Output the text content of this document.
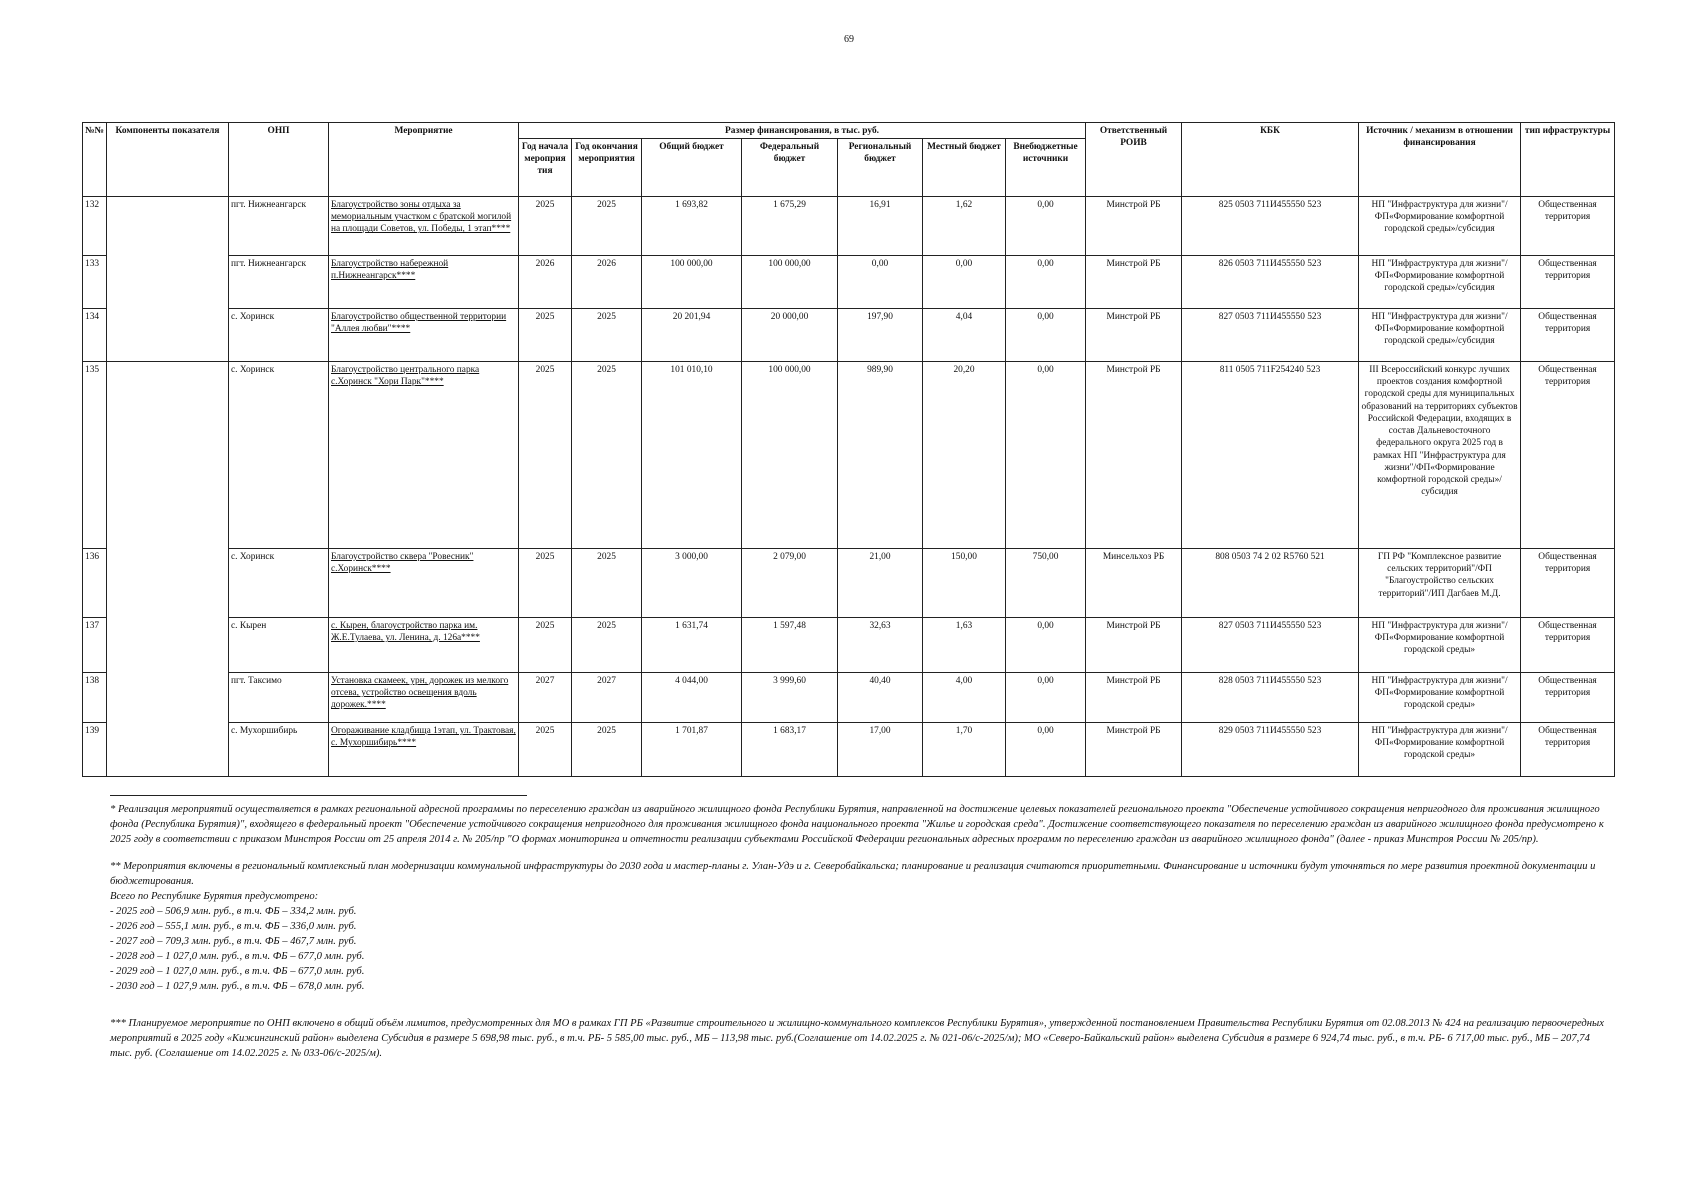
69
№№	Компоненты показателя	ОНП	Мероприятие	Размер финансирования, в тыс. руб.							Ответственный РОИВ	КБК	Источник / механизм в отношении финансирования	тип ифраструктуры
				Год начала мероприя тия	Год окончания мероприятия	Общий бюджет	Федеральный бюджет	Региональный бюджет	Местный бюджет	Внебюджетные источники				
132		пгт. Нижнеангарск	Благоустройство зоны отдыха за мемориальным участком с братской могилой на площади Советов, ул. Победы, 1 этап****	2025	2025	1 693,82	1 675,29	16,91	1,62	0,00	Минстрой РБ	825 0503 711И455550 523	НП "Инфраструктура для жизни"/ФП«Формирование комфортной городской среды»/субсидия	Общественная территория
133		пгт. Нижнеангарск	Благоустройство набережной п.Нижнеангарск****	2026	2026	100 000,00	100 000,00	0,00	0,00	0,00	Минстрой РБ	826 0503 711И455550 523	НП "Инфраструктура для жизни"/ФП«Формирование комфортной городской среды»/субсидия	Общественная территория
134		с. Хоринск	Благоустройство общественной территории "Аллея любви"****	2025	2025	20 201,94	20 000,00	197,90	4,04	0,00	Минстрой РБ	827 0503 711И455550 523	НП "Инфраструктура для жизни"/ФП«Формирование комфортной городской среды»/субсидия	Общественная территория
135		с. Хоринск	Благоустройство центрального парка с.Хоринск "Хори Парк"****	2025	2025	101 010,10	100 000,00	989,90	20,20	0,00	Минстрой РБ	811 0505 711F254240 523	III Всероссийский конкурс лучших проектов создания комфортной городской среды для муниципальных образований на территориях субъектов Российской Федерации, входящих в состав Дальневосточного федерального округа 2025 год в рамках НП "Инфраструктура для жизни"/ФП«Формирование комфортной городской среды»/субсидия	Общественная территория
136		с. Хоринск	Благоустройство сквера "Ровесник" с.Хоринск****	2025	2025	3 000,00	2 079,00	21,00	150,00	750,00	Минсельхоз РБ	808 0503 74 2 02 R5760 521	ГП РФ "Комплексное развитие сельских территорий"/ФП "Благоустройство сельских территорий"/ИП Дагбаев М.Д.	Общественная территория
137		с. Кырен	с. Кырен, благоустройство парка им. Ж.Е.Тулаева, ул. Ленина, д. 126а****	2025	2025	1 631,74	1 597,48	32,63	1,63	0,00	Минстрой РБ	827 0503 711И455550 523	НП "Инфраструктура для жизни"/ФП«Формирование комфортной городской среды»	Общественная территория
138		пгт. Таксимо	Установка скамеек, урн, дорожек из мелкого отсева, устройство освещения вдоль дорожек.****	2027	2027	4 044,00	3 999,60	40,40	4,00	0,00	Минстрой РБ	828 0503 711И455550 523	НП "Инфраструктура для жизни"/ФП«Формирование комфортной городской среды»	Общественная территория
139		с. Мухоршибирь	Огораживание кладбища 1этап, ул. Трактовая, с. Мухоршибирь****	2025	2025	1 701,87	1 683,17	17,00	1,70	0,00	Минстрой РБ	829 0503 711И455550 523	НП "Инфраструктура для жизни"/ФП«Формирование комфортной городской среды»	Общественная территория

* Реализация мероприятий осуществляется в рамках региональной адресной программы по переселению граждан из аварийного жилищного фонда Республики Бурятия, направленной на достижение целевых показателей регионального проекта "Обеспечение устойчивого сокращения непригодного для проживания жилищного фонда (Республика Бурятия)", входящего в федеральный проект "Обеспечение устойчивого сокращения непригодного для проживания жилищного фонда национального проекта "Жилье и городская среда". Достижение соответствующего показателя по переселению граждан из аварийного жилищного фонда предусмотрено к 2025 году в соответствии с приказом Минстроя России от 25 апреля 2014 г. № 205/пр "О формах мониторинга и отчетности реализации субъектами Российской Федерации региональных адресных программ по переселению граждан из аварийного жилищного фонда" (далее - приказ Минстроя России № 205/пр).

** Мероприятия включены в региональный комплексный план модернизации коммунальной инфраструктуры до 2030 года и мастер-планы г. Улан-Удэ и г. Северобайкальска; планирование и реализация считаются приоритетными. Финансирование и источники будут уточняться по мере развития проектной документации и бюджетирования.

Всего по Республике Бурятия предусмотрено:

- 2025 год – 506,9 млн. руб., в т.ч. ФБ – 334,2 млн. руб.

- 2026 год – 555,1 млн. руб., в т.ч. ФБ – 336,0 млн. руб.

- 2027 год – 709,3 млн. руб., в т.ч. ФБ – 467,7 млн. руб.

- 2028 год – 1 027,0 млн. руб., в т.ч. ФБ – 677,0 млн. руб.

- 2029 год – 1 027,0 млн. руб., в т.ч. ФБ – 677,0 млн. руб.

- 2030 год – 1 027,9 млн. руб., в т.ч. ФБ – 678,0 млн. руб.

*** Планируемое мероприятие по ОНП включено в общий объём лимитов, предусмотренных для МО в рамках ГП РБ «Развитие строительного и жилищно-коммунального комплексов Республики Бурятия», утвержденной постановлением Правительства Республики Бурятия от 02.08.2013 № 424 на реализацию первоочередных мероприятий в 2025 году «Кижингинский район» выделена Субсидия в размере 5 698,98 тыс. руб., в т.ч. РБ- 5 585,00 тыс. руб., МБ – 113,98 тыс. руб.(Соглашение от 14.02.2025 г. № 021-06/с-2025/м); МО «Северо-Байкальский район» выделена Субсидия в размере 6 924,74 тыс. руб., в т.ч. РБ- 6 717,00 тыс. руб., МБ – 207,74 тыс. руб. (Соглашение от 14.02.2025 г. № 033-06/с-2025/м).
